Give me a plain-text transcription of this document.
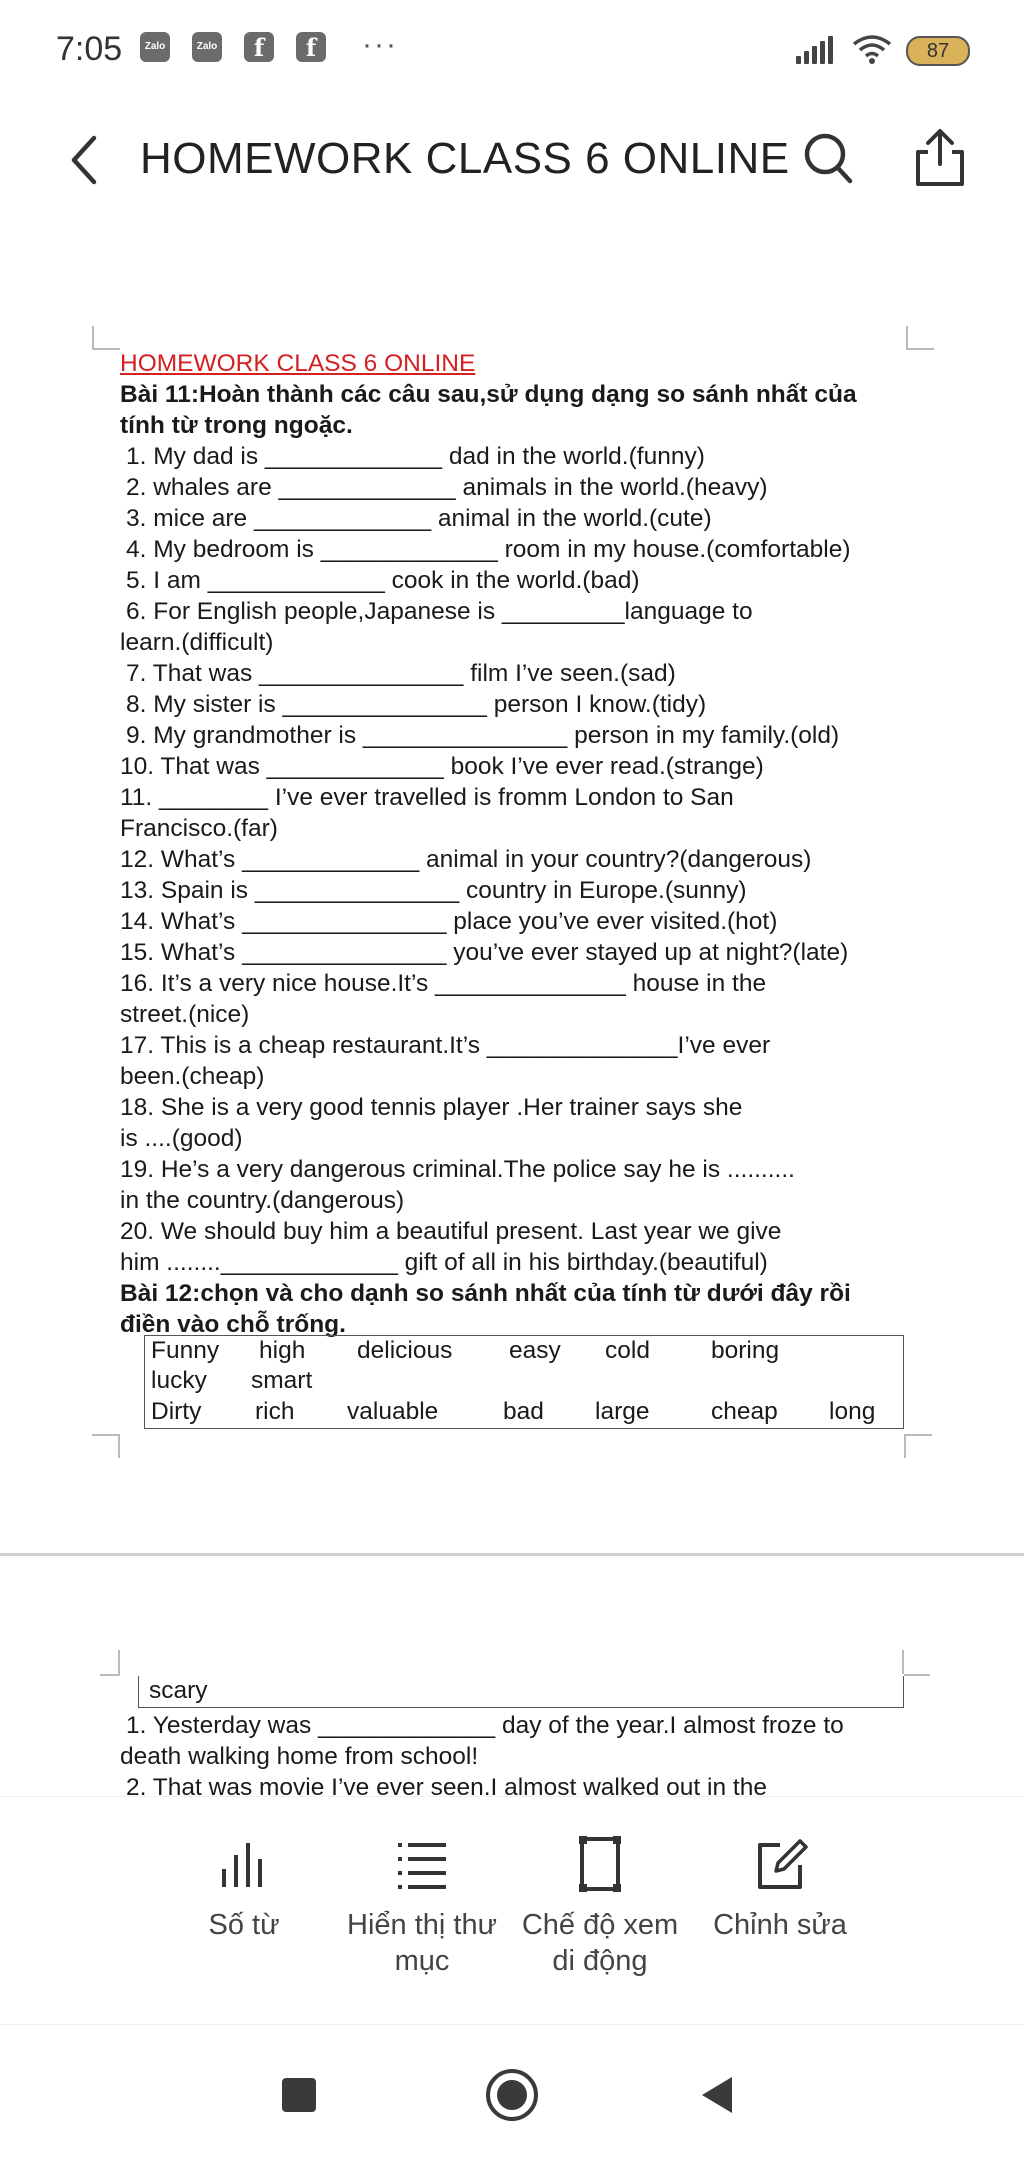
7:05	Zalo	Zalo	f	f	···	87
HOMEWORK CLASS 6 ONLINE
HOMEWORK CLASS 6 ONLINE
Bài 11:Hoàn thành các câu sau,sử dụng dạng so sánh nhất của
tính từ trong ngoặc.
1. My dad is _____________ dad in the world.(funny)
2. whales are _____________ animals in the world.(heavy)
3. mice are _____________ animal in the world.(cute)
4. My bedroom is _____________ room in my house.(comfortable)
5. I am _____________ cook in the world.(bad)
6. For English people,Japanese is _________language to
learn.(difficult)
7. That was _______________ film I’ve seen.(sad)
8. My sister is _______________ person I know.(tidy)
9. My grandmother is _______________ person in my family.(old)
10. That was _____________ book I’ve ever read.(strange)
11. ________ I’ve ever travelled is fromm London to San
Francisco.(far)
12. What’s _____________ animal in your country?(dangerous)
13. Spain is _______________ country in Europe.(sunny)
14. What’s _______________ place you’ve ever visited.(hot)
15. What’s _______________ you’ve ever stayed up at night?(late)
16. It’s a very nice house.It’s ______________ house in the
street.(nice)
17. This is a cheap restaurant.It’s ______________I’ve ever
been.(cheap)
18. She is a very good tennis player .Her trainer says she
is ....(good)
19. He’s a very dangerous criminal.The police say he is ..........
in the country.(dangerous)
20. We should buy him a beautiful present. Last year we give
him ........_____________ gift of all in his birthday.(beautiful)
Bài 12:chọn và cho dạnh so sánh nhất của tính từ dưới đây rồi
điền vào chỗ trống.
Funny high delicious easy cold boring
lucky smart
Dirty rich valuable	bad large	cheap long
scary
1. Yesterday was _____________ day of the year.I almost froze to
death walking home from school!
2. That was movie I’ve ever seen.I almost walked out in the
Số từ	Hiển thị thư
mục
Chế độ xem
di động
Chỉnh sửa
